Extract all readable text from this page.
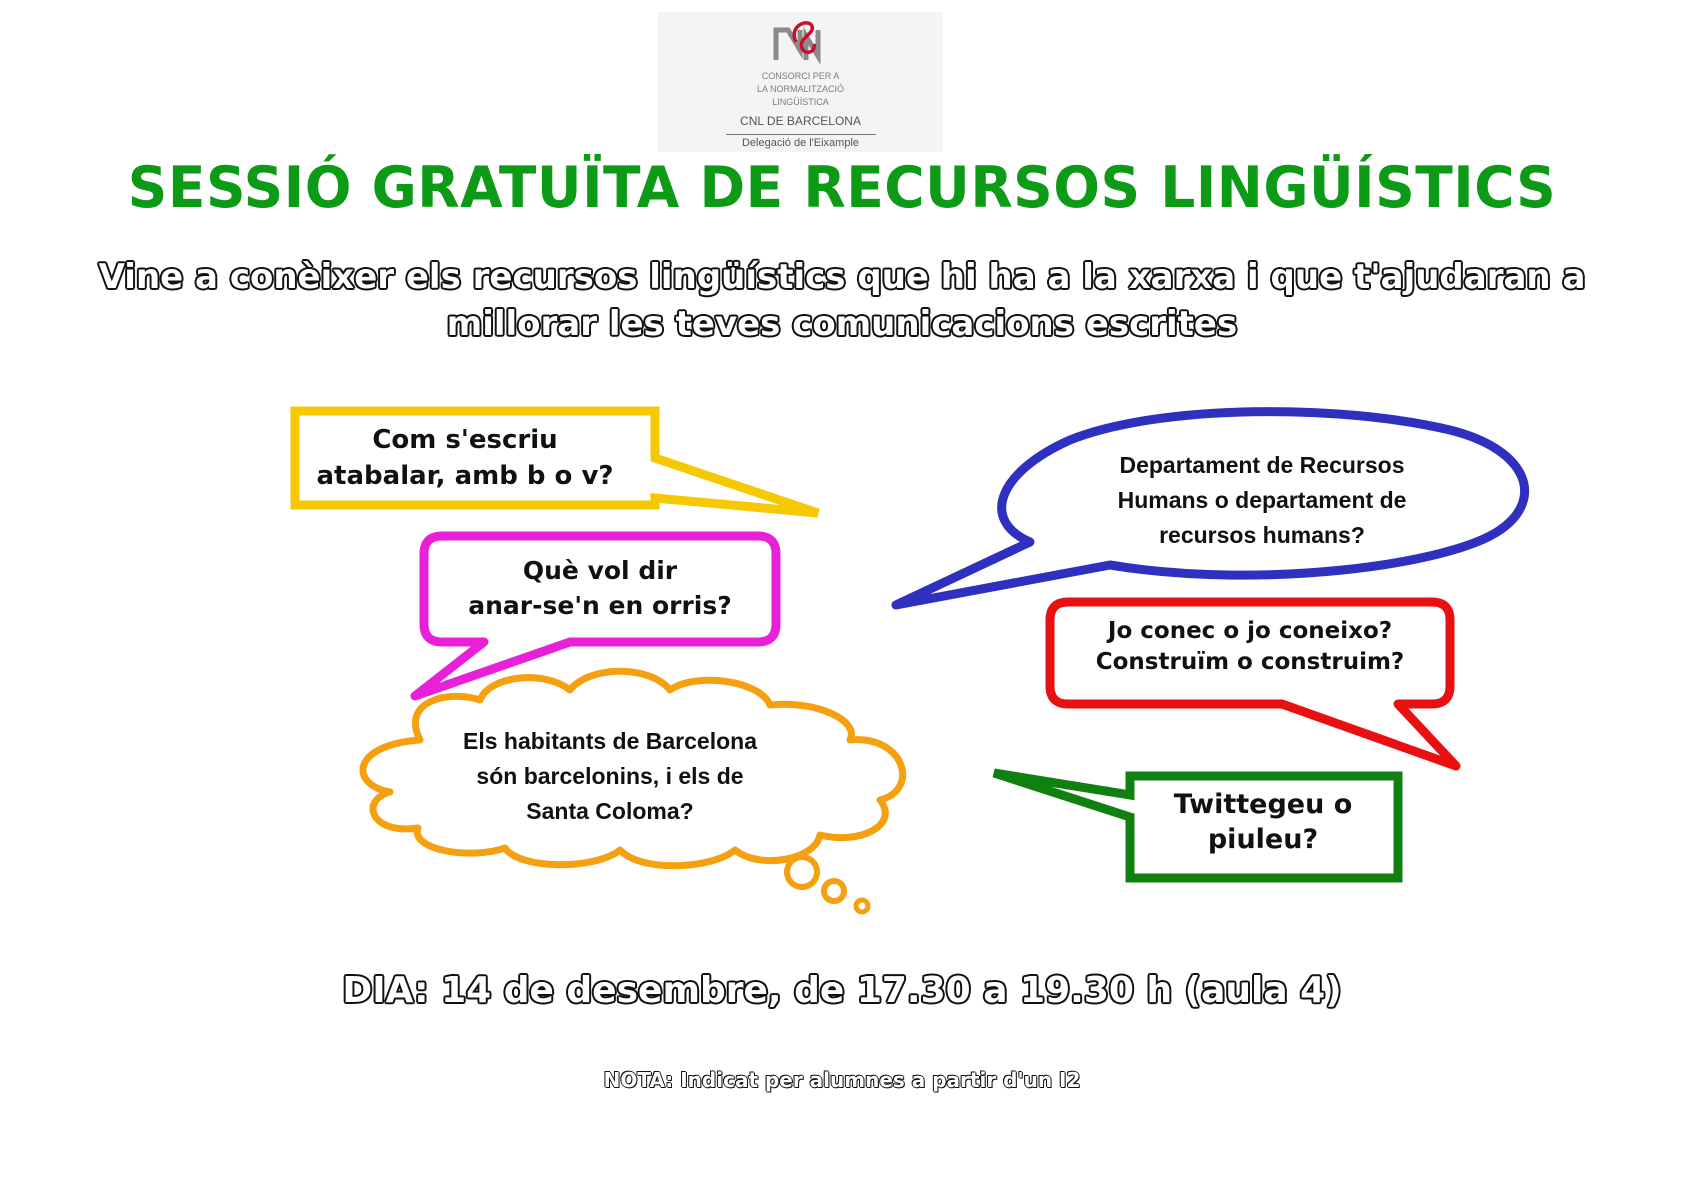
CONSORCI PER A
LA NORMALITZACIÓ
LINGÜÍSTICA
CNL DE BARCELONA
Delegació de l'Eixample
SESSIÓ GRATUÏTA DE RECURSOS LINGÜÍSTICS
Vine a conèixer els recursos lingüístics que hi ha a la xarxa i que t'ajudaran a
millorar les teves comunicacions escrites
Com s'escriu
atabalar, amb b o v?
Què vol dir
anar-se'n en orris?
Departament de Recursos
Humans o departament de
recursos humans?
Jo conec o jo coneixo?
Construïm o construim?
Els habitants de Barcelona
són barcelonins, i els de
Santa Coloma?	Twittegeu o
piuleu?
DIA: 14 de desembre, de 17.30 a 19.30 h (aula 4)
NOTA: Indicat per alumnes a partir d'un I2
